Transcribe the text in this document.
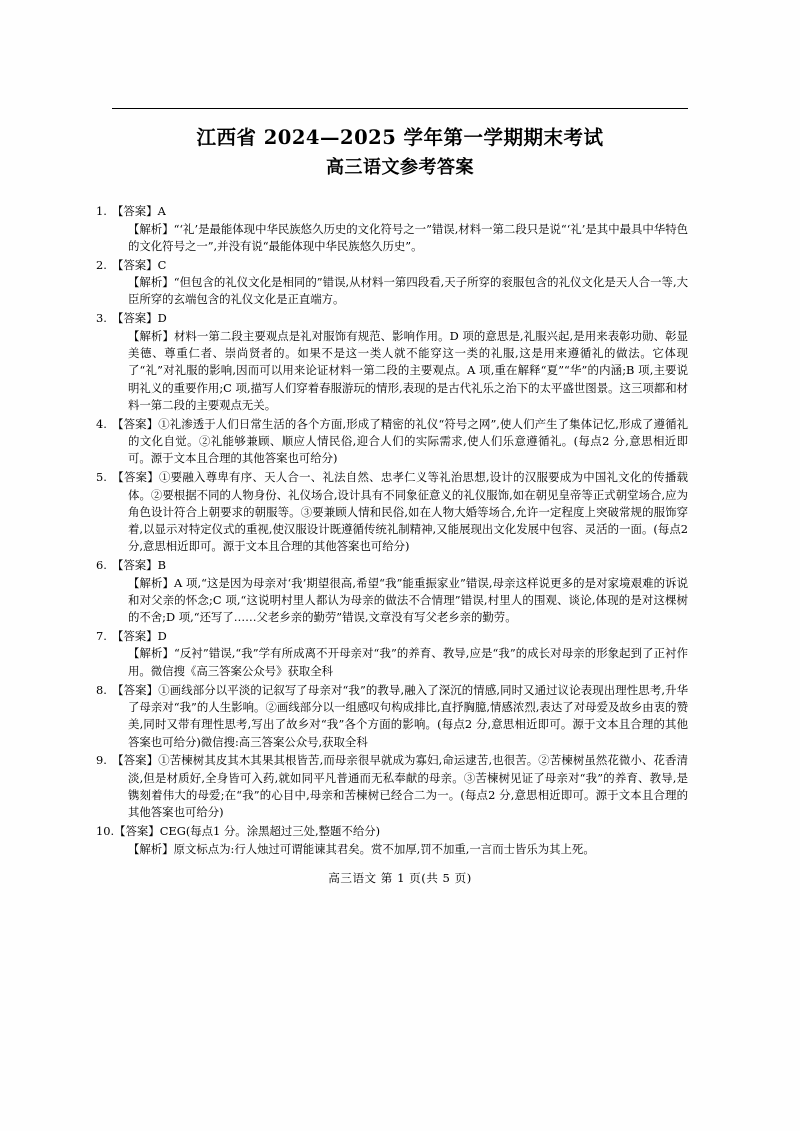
江西省 2024—2025 学年第一学期期末考试
高三语文参考答案
1. 【答案】A
【解析】“‘礼’是最能体现中华民族悠久历史的文化符号之一”错误,材料一第二段只是说“‘礼’是其中最具中华特色的文化符号之一”,并没有说“最能体现中华民族悠久历史”。
2. 【答案】C
【解析】“但包含的礼仪文化是相同的”错误,从材料一第四段看,天子所穿的衮服包含的礼仪文化是天人合一等,大臣所穿的玄端包含的礼仪文化是正直端方。
3. 【答案】D
【解析】材料一第二段主要观点是礼对服饰有规范、影响作用。D 项的意思是,礼服兴起,是用来表彰功勋、彰显美德、尊重仁者、崇尚贤者的。如果不是这一类人就不能穿这一类的礼服,这是用来遵循礼的做法。它体现了“礼”对礼服的影响,因而可以用来论证材料一第二段的主要观点。A 项,重在解释“夏”“华”的内涵;B 项,主要说明礼义的重要作用;C 项,描写人们穿着春服游玩的情形,表现的是古代礼乐之治下的太平盛世图景。这三项都和材料一第二段的主要观点无关。
4. 【答案】①礼渗透于人们日常生活的各个方面,形成了精密的礼仪“符号之网”,使人们产生了集体记忆,形成了遵循礼的文化自觉。②礼能够兼顾、顺应人情民俗,迎合人们的实际需求,使人们乐意遵循礼。(每点2 分,意思相近即可。源于文本且合理的其他答案也可给分)
5. 【答案】①要融入尊卑有序、天人合一、礼法自然、忠孝仁义等礼治思想,设计的汉服要成为中国礼文化的传播载体。②要根据不同的人物身份、礼仪场合,设计具有不同象征意义的礼仪服饰,如在朝见皇帝等正式朝堂场合,应为角色设计符合上朝要求的朝服等。③要兼顾人情和民俗,如在人物大婚等场合,允许一定程度上突破常规的服饰穿着,以显示对特定仪式的重视,使汉服设计既遵循传统礼制精神,又能展现出文化发展中包容、灵活的一面。(每点2 分,意思相近即可。源于文本且合理的其他答案也可给分)
6. 【答案】B
【解析】A 项,“这是因为母亲对‘我’期望很高,希望“我”能重振家业”错误,母亲这样说更多的是对家境艰难的诉说和对父亲的怀念;C 项,“这说明村里人都认为母亲的做法不合情理”错误,村里人的围观、谈论,体现的是对这棵树的不舍;D 项,“还写了……父老乡亲的勤劳”错误,文章没有写父老乡亲的勤劳。
7. 【答案】D
【解析】“反衬”错误,“我”学有所成离不开母亲对“我”的养育、教导,应是“我”的成长对母亲的形象起到了正衬作用。微信搜《高三答案公众号》获取全科
8. 【答案】①画线部分以平淡的记叙写了母亲对“我”的教导,融入了深沉的情感,同时又通过议论表现出理性思考,升华了母亲对“我”的人生影响。②画线部分以一组感叹句构成排比,直抒胸臆,情感浓烈,表达了对母爱及故乡由衷的赞美,同时又带有理性思考,写出了故乡对“我”各个方面的影响。(每点2 分,意思相近即可。源于文本且合理的其他答案也可给分)微信搜:高三答案公众号,获取全科
9. 【答案】①苦楝树其皮其木其果其根皆苦,而母亲很早就成为寡妇,命运逮苦,也很苦。②苦楝树虽然花微小、花香清淡,但是材质好,全身皆可入药,就如同平凡普通而无私奉献的母亲。③苦楝树见证了母亲对“我”的养育、教导,是镌刻着伟大的母爱;在“我”的心目中,母亲和苦楝树已经合二为一。(每点2 分,意思相近即可。源于文本且合理的其他答案也可给分)
10.【答案】CEG(每点1 分。涂黑超过三处,整题不给分)
【解析】原文标点为:行人烛过可谓能谏其君矣。赏不加厚,罚不加重,一言而士皆乐为其上死。
高三语文 第 1 页(共 5 页)
